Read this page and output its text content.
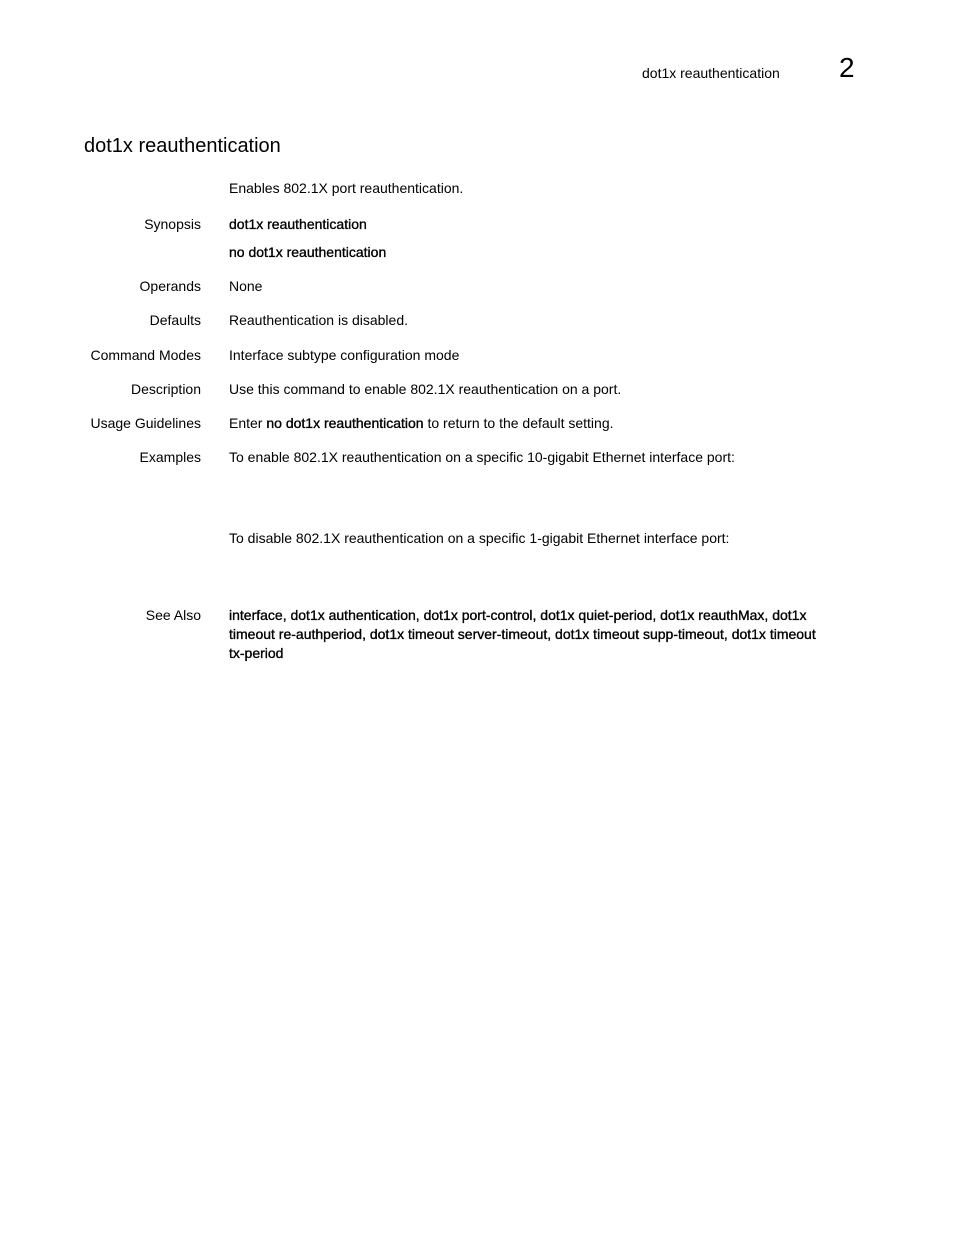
dot1x reauthentication 2
dot1x reauthentication
Enables 802.1X port reauthentication.
Synopsis dot1x reauthentication
no dot1x reauthentication
Operands None
Defaults Reauthentication is disabled.
Command Modes Interface subtype configuration mode
Description Use this command to enable 802.1X reauthentication on a port.
Usage Guidelines Enter no dot1x reauthentication to return to the default setting.
Examples To enable 802.1X reauthentication on a specific 10-gigabit Ethernet interface port:
To disable 802.1X reauthentication on a specific 1-gigabit Ethernet interface port:
See Also interface, dot1x authentication, dot1x port-control, dot1x quiet-period, dot1x reauthMax, dot1x timeout re-authperiod, dot1x timeout server-timeout, dot1x timeout supp-timeout, dot1x timeout tx-period
